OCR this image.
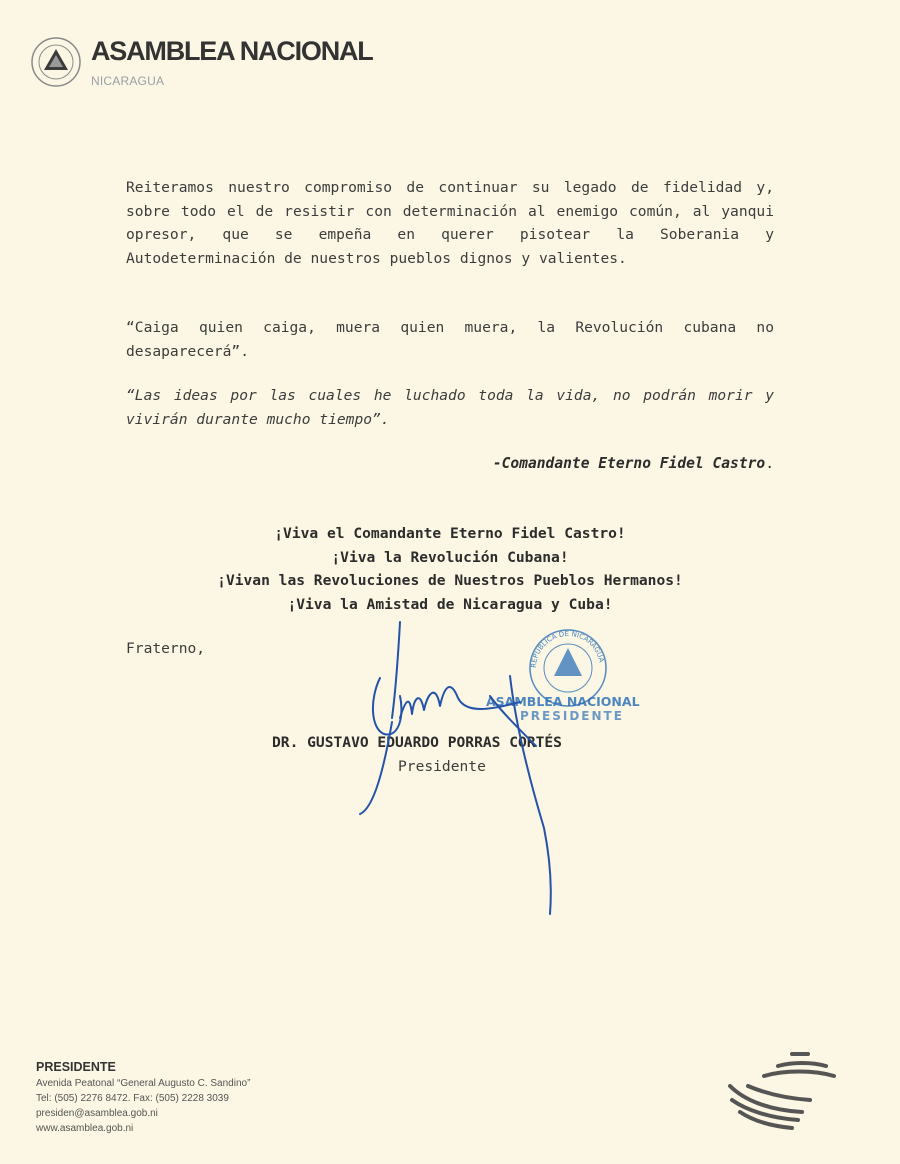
ASAMBLEA NACIONAL
NICARAGUA
Reiteramos nuestro compromiso de continuar su legado de fidelidad y, sobre todo el de resistir con determinación al enemigo común, al yanqui opresor, que se empeña en querer pisotear la Soberania y Autodeterminación de nuestros pueblos dignos y valientes.
“Caiga quien caiga, muera quien muera, la Revolución cubana no desaparecerá”.
“Las ideas por las cuales he luchado toda la vida, no podrán morir y vivirán durante mucho tiempo”.
-Comandante Eterno Fidel Castro.
¡Viva el Comandante Eterno Fidel Castro!
¡Viva la Revolución Cubana!
¡Vivan las Revoluciones de Nuestros Pueblos Hermanos!
¡Viva la Amistad de Nicaragua y Cuba!
Fraterno,
REPUBLICA DE NICARAGUA
ASAMBLEA NACIONAL
PRESIDENTE
DR. GUSTAVO EDUARDO PORRAS CORTÉS
Presidente
PRESIDENTE
Avenida Peatonal “General Augusto C. Sandino”
Tel: (505) 2276 8472. Fax: (505) 2228 3039
presiden@asamblea.gob.ni
www.asamblea.gob.ni
